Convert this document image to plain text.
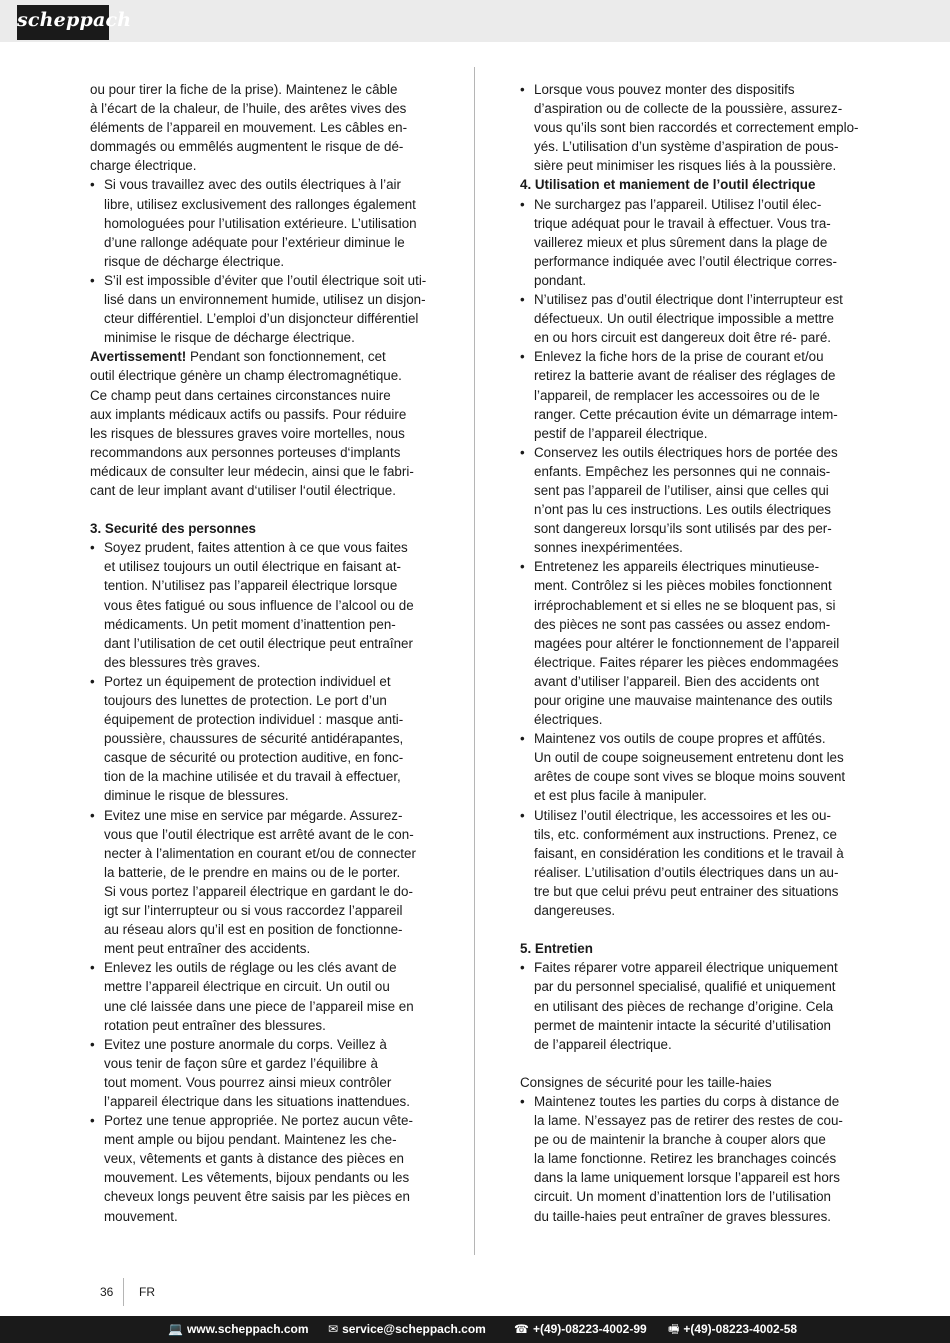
scheppach

ou pour tirer la fiche de la prise). Maintenez le câble

à l’écart de la chaleur, de l’huile, des arêtes vives des

éléments de l’appareil en mouvement. Les câbles en-

dommagés ou emmêlés augmentent le risque de dé-

charge électrique.

• Si vous travaillez avec des outils électriques à l’air

libre, utilisez exclusivement des rallonges également

homologuées pour l’utilisation extérieure. L’utilisation

d’une rallonge adéquate pour l’extérieur diminue le

risque de décharge électrique.

• S’il est impossible d’éviter que l’outil électrique soit uti-

lisé dans un environnement humide, utilisez un disjon-

cteur différentiel. L’emploi d’un disjoncteur différentiel

minimise le risque de décharge électrique.

Avertissement! Pendant son fonctionnement, cet

outil électrique génère un champ électromagnétique.

Ce champ peut dans certaines circonstances nuire

aux implants médicaux actifs ou passifs. Pour réduire

les risques de blessures graves voire mortelles, nous

recommandons aux personnes porteuses d‘implants

médicaux de consulter leur médecin, ainsi que le fabri-

cant de leur implant avant d‘utiliser l‘outil électrique.

3. Securité des personnes

• Soyez prudent, faites attention à ce que vous faites

et utilisez toujours un outil électrique en faisant at-

tention. N’utilisez pas l’appareil électrique lorsque

vous êtes fatigué ou sous influence de l’alcool ou de

médicaments. Un petit moment d’inattention pen-

dant l’utilisation de cet outil électrique peut entraîner

des blessures très graves.

• Portez un équipement de protection individuel et

toujours des lunettes de protection. Le port d’un

équipement de protection individuel : masque anti-

poussière, chaussures de sécurité antidérapantes,

casque de sécurité ou protection auditive, en fonc-

tion de la machine utilisée et du travail à effectuer,

diminue le risque de blessures.

• Evitez une mise en service par mégarde. Assurez-

vous que l’outil électrique est arrêté avant de le con-

necter à l’alimentation en courant et/ou de connecter

la batterie, de le prendre en mains ou de le porter.

Si vous portez l’appareil électrique en gardant le do-

igt sur l’interrupteur ou si vous raccordez l’appareil

au réseau alors qu’il est en position de fonctionne-

ment peut entraîner des accidents.

• Enlevez les outils de réglage ou les clés avant de

mettre l’appareil électrique en circuit. Un outil ou

une clé laissée dans une piece de l’appareil mise en

rotation peut entraîner des blessures.

• Evitez une posture anormale du corps. Veillez à

vous tenir de façon sûre et gardez l’équilibre à

tout moment. Vous pourrez ainsi mieux contrôler

l’appareil électrique dans les situations inattendues.

• Portez une tenue appropriée. Ne portez aucun vête-

ment ample ou bijou pendant. Maintenez les che-

veux, vêtements et gants à distance des pièces en

mouvement. Les vêtements, bijoux pendants ou les

cheveux longs peuvent être saisis par les pièces en

mouvement.

• Lorsque vous pouvez monter des dispositifs

d’aspiration ou de collecte de la poussière, assurez-

vous qu’ils sont bien raccordés et correctement emplo-

yés. L’utilisation d’un système d’aspiration de pous-

sière peut minimiser les risques liés à la poussière.

4. Utilisation et maniement de l’outil électrique

• Ne surchargez pas l’appareil. Utilisez l’outil élec-

trique adéquat pour le travail à effectuer. Vous tra-

vaillerez mieux et plus sûrement dans la plage de

performance indiquée avec l’outil électrique corres-

pondant.

• N’utilisez pas d’outil électrique dont l’interrupteur est

défectueux. Un outil électrique impossible a mettre

en ou hors circuit est dangereux doit être ré- paré.

• Enlevez la fiche hors de la prise de courant et/ou

retirez la batterie avant de réaliser des réglages de

l’appareil, de remplacer les accessoires ou de le

ranger. Cette précaution évite un démarrage intem-

pestif de l’appareil électrique.

• Conservez les outils électriques hors de portée des

enfants. Empêchez les personnes qui ne connais-

sent pas l’appareil de l’utiliser, ainsi que celles qui

n’ont pas lu ces instructions. Les outils électriques

sont dangereux lorsqu’ils sont utilisés par des per-

sonnes inexpérimentées.

• Entretenez les appareils électriques minutieuse-

ment. Contrôlez si les pièces mobiles fonctionnent

irréprochablement et si elles ne se bloquent pas, si

des pièces ne sont pas cassées ou assez endom-

magées pour altérer le fonctionnement de l’appareil

électrique. Faites réparer les pièces endommagées

avant d’utiliser l’appareil. Bien des accidents ont

pour origine une mauvaise maintenance des outils

électriques.

• Maintenez vos outils de coupe propres et affûtés.

Un outil de coupe soigneusement entretenu dont les

arêtes de coupe sont vives se bloque moins souvent

et est plus facile à manipuler.

• Utilisez l’outil électrique, les accessoires et les ou-

tils, etc. conformément aux instructions. Prenez, ce

faisant, en considération les conditions et le travail à

réaliser. L’utilisation d’outils électriques dans un au-

tre but que celui prévu peut entrainer des situations

dangereuses.

5. Entretien

• Faites réparer votre appareil électrique uniquement

par du personnel specialisé, qualifié et uniquement

en utilisant des pièces de rechange d’origine. Cela

permet de maintenir intacte la sécurité d’utilisation

de l’appareil électrique.

Consignes de sécurité pour les taille-haies

• Maintenez toutes les parties du corps à distance de

la lame. N’essayez pas de retirer des restes de cou-

pe ou de maintenir la branche à couper alors que

la lame fonctionne. Retirez les branchages coincés

dans la lame uniquement lorsque l’appareil est hors

circuit. Un moment d’inattention lors de l’utilisation

du taille-haies peut entraîner de graves blessures.

36 FR
💻 www.scheppach.com ✉ service@scheppach.com ☎ +(49)-08223-4002-99 🖷 +(49)-08223-4002-58
